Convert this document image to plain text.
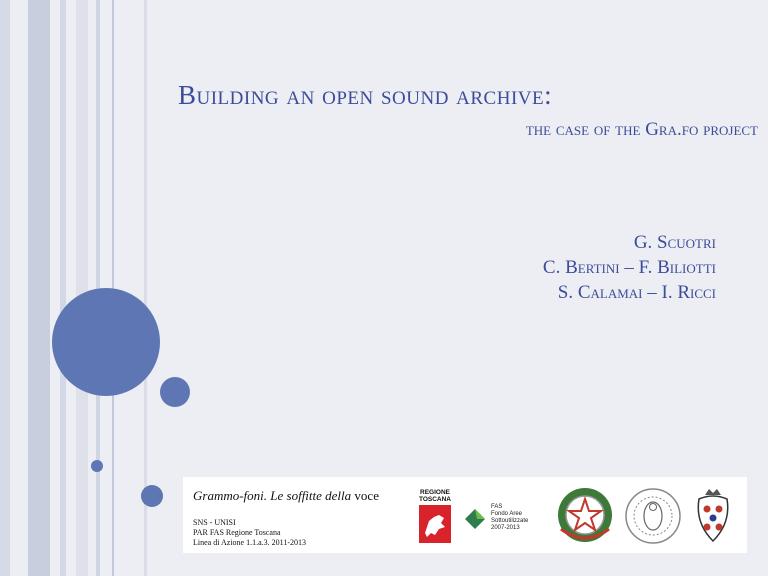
Building an open sound archive:
the case of the Gra.fo project
G. Scuotri
C. Bertini – F. Biliotti
S. Calamai – I. Ricci
Grammo-foni. Le soffitte della voce
SNS - UNISI
PAR FAS Regione Toscana
Linea di Azione 1.1.a.3. 2011-2013
REGIONE
TOSCANA
FAS
Fondo Aree
Sottoutilizzate
2007-2013
